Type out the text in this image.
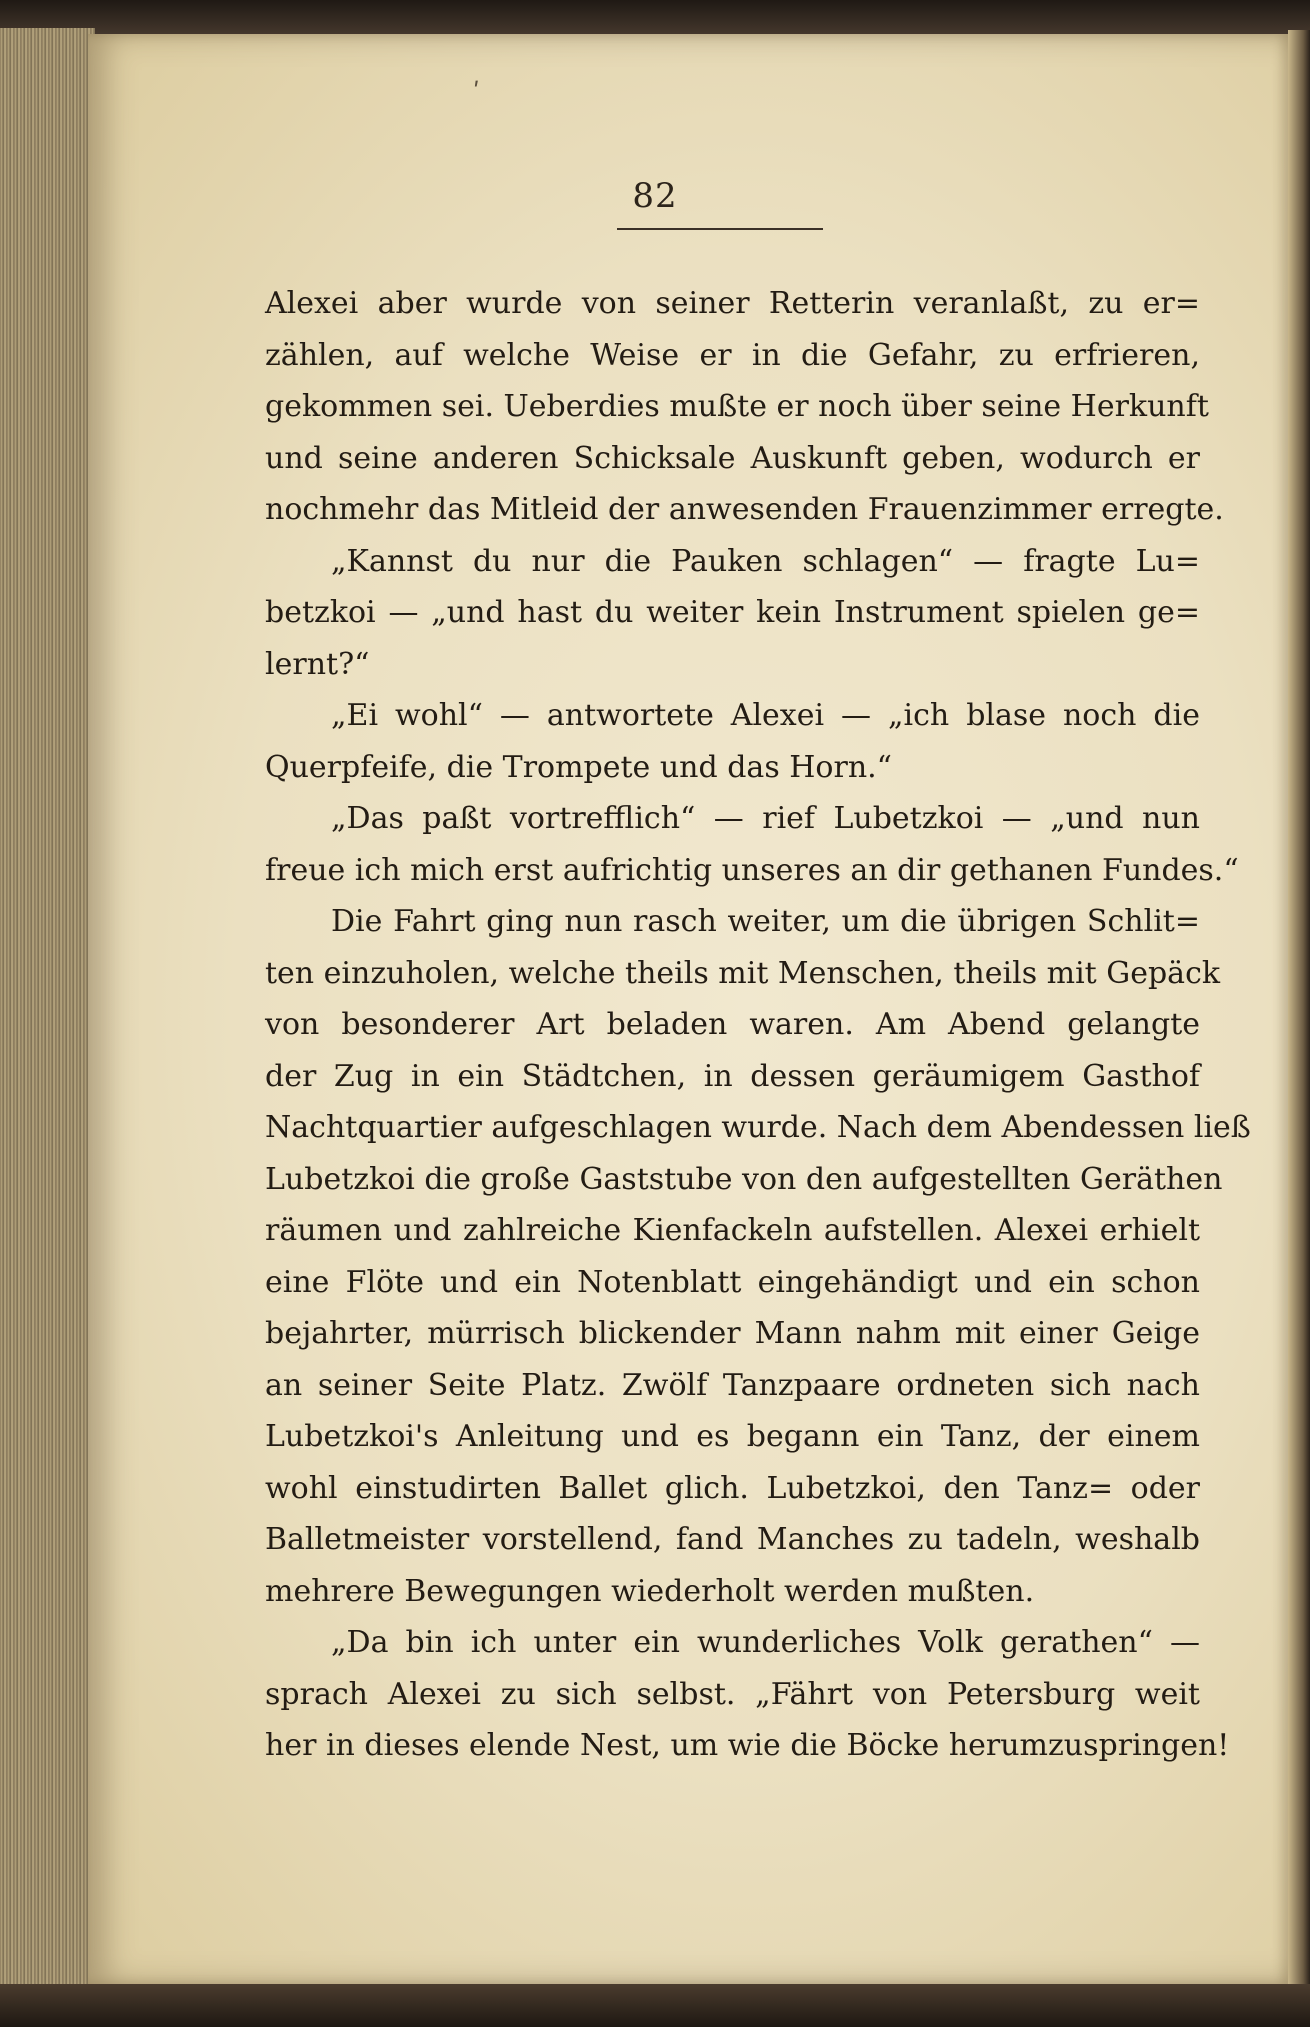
ʹ
82
Alexei aber wurde von seiner Retterin veranlaßt, zu er=
zählen, auf welche Weise er in die Gefahr, zu erfrieren,
gekommen sei. Ueberdies mußte er noch über seine Herkunft
und seine anderen Schicksale Auskunft geben, wodurch er
nochmehr das Mitleid der anwesenden Frauenzimmer erregte.
„Kannst du nur die Pauken schlagen“ — fragte Lu=
betzkoi — „und hast du weiter kein Instrument spielen ge=
lernt?“
„Ei wohl“ — antwortete Alexei — „ich blase noch die
Querpfeife, die Trompete und das Horn.“
„Das paßt vortrefflich“ — rief Lubetzkoi — „und nun
freue ich mich erst aufrichtig unseres an dir gethanen Fundes.“
Die Fahrt ging nun rasch weiter, um die übrigen Schlit=
ten einzuholen, welche theils mit Menschen, theils mit Gepäck
von besonderer Art beladen waren. Am Abend gelangte
der Zug in ein Städtchen, in dessen geräumigem Gasthof
Nachtquartier aufgeschlagen wurde. Nach dem Abendessen ließ
Lubetzkoi die große Gaststube von den aufgestellten Geräthen
räumen und zahlreiche Kienfackeln aufstellen. Alexei erhielt
eine Flöte und ein Notenblatt eingehändigt und ein schon
bejahrter, mürrisch blickender Mann nahm mit einer Geige
an seiner Seite Platz. Zwölf Tanzpaare ordneten sich nach
Lubetzkoi's Anleitung und es begann ein Tanz, der einem
wohl einstudirten Ballet glich. Lubetzkoi, den Tanz= oder
Balletmeister vorstellend, fand Manches zu tadeln, weshalb
mehrere Bewegungen wiederholt werden mußten.
„Da bin ich unter ein wunderliches Volk gerathen“ —
sprach Alexei zu sich selbst. „Fährt von Petersburg weit
her in dieses elende Nest, um wie die Böcke herumzuspringen!
